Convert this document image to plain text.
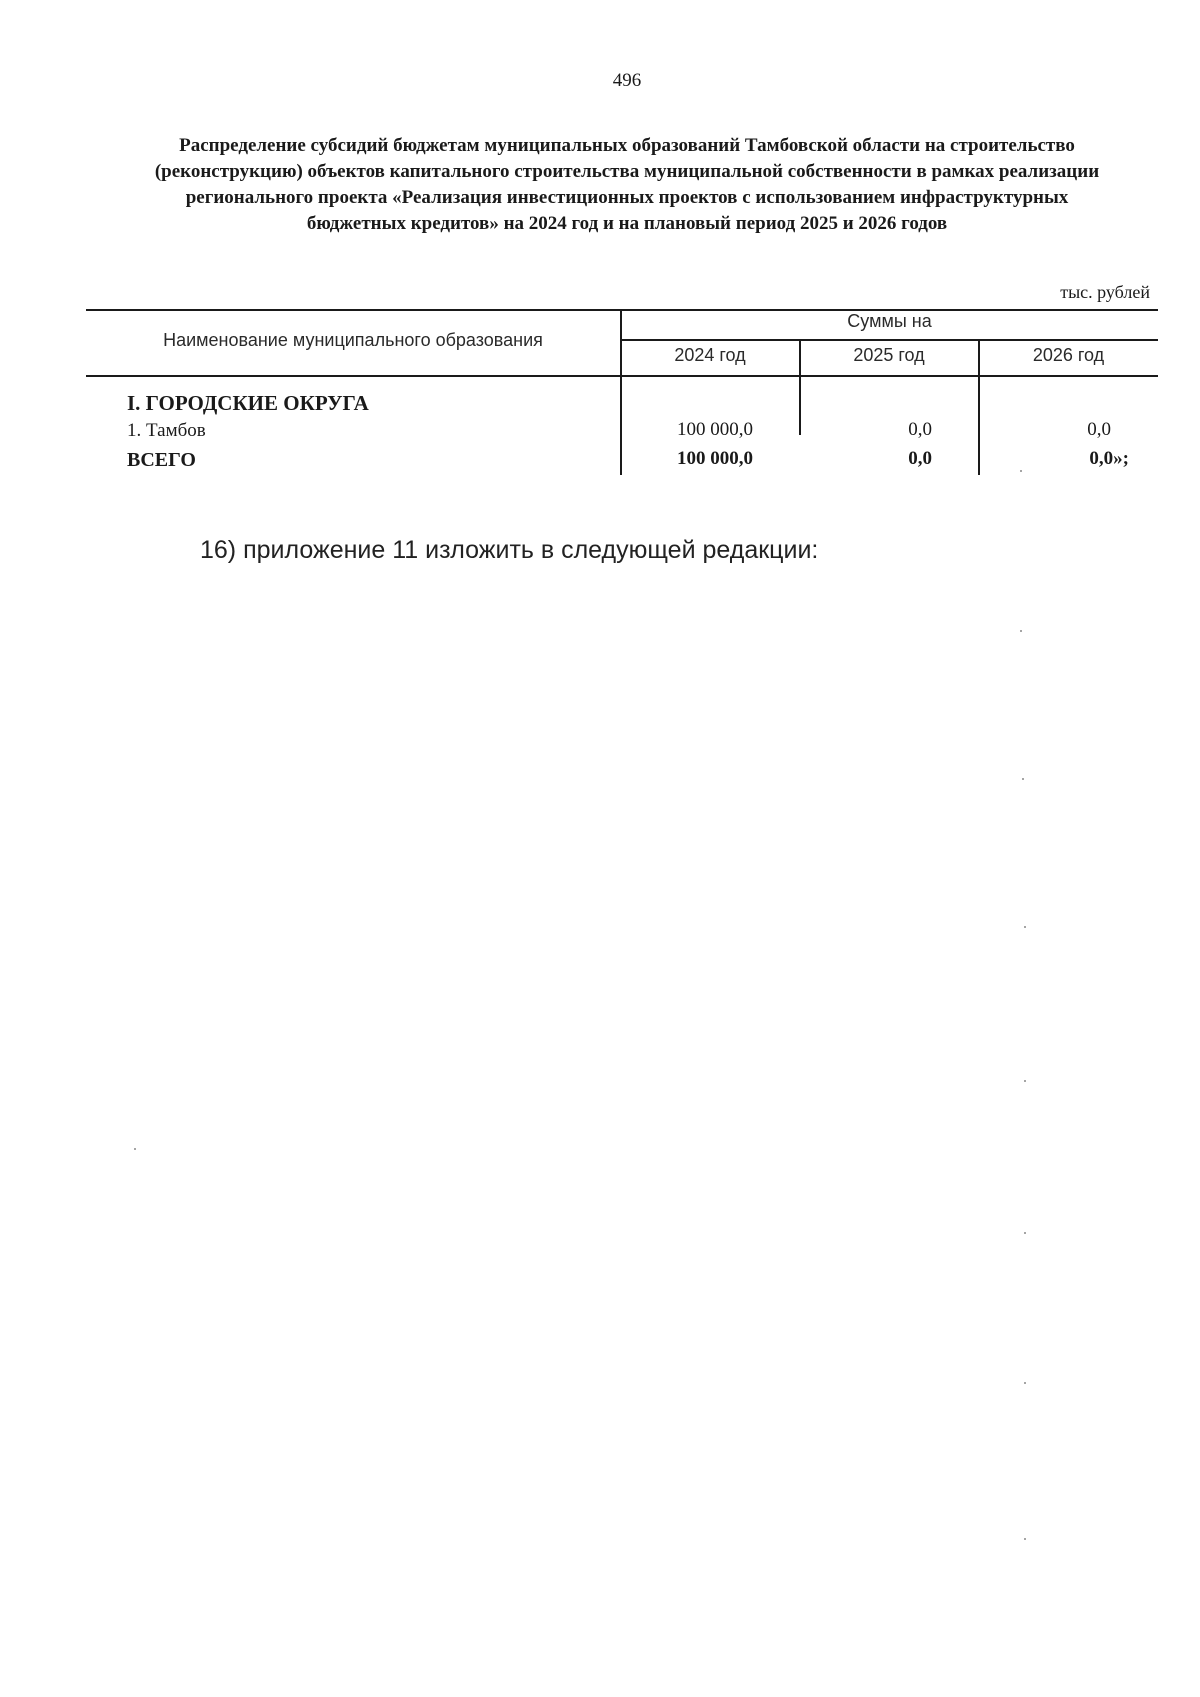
496
Распределение субсидий бюджетам муниципальных образований Тамбовской области на строительство (реконструкцию) объектов капитального строительства муниципальной собственности в рамках реализации регионального проекта «Реализация инвестиционных проектов с использованием инфраструктурных бюджетных кредитов» на 2024 год и на плановый период 2025 и 2026 годов
тыс. рублей
Наименование муниципального образования
Суммы на
2024 год	2025 год	2026 год
I. ГОРОДСКИЕ ОКРУГА
1. Тамбов	100 000,0	0,0	0,0
ВСЕГО	100 000,0	0,0	0,0»;
16) приложение 11 изложить в следующей редакции:
